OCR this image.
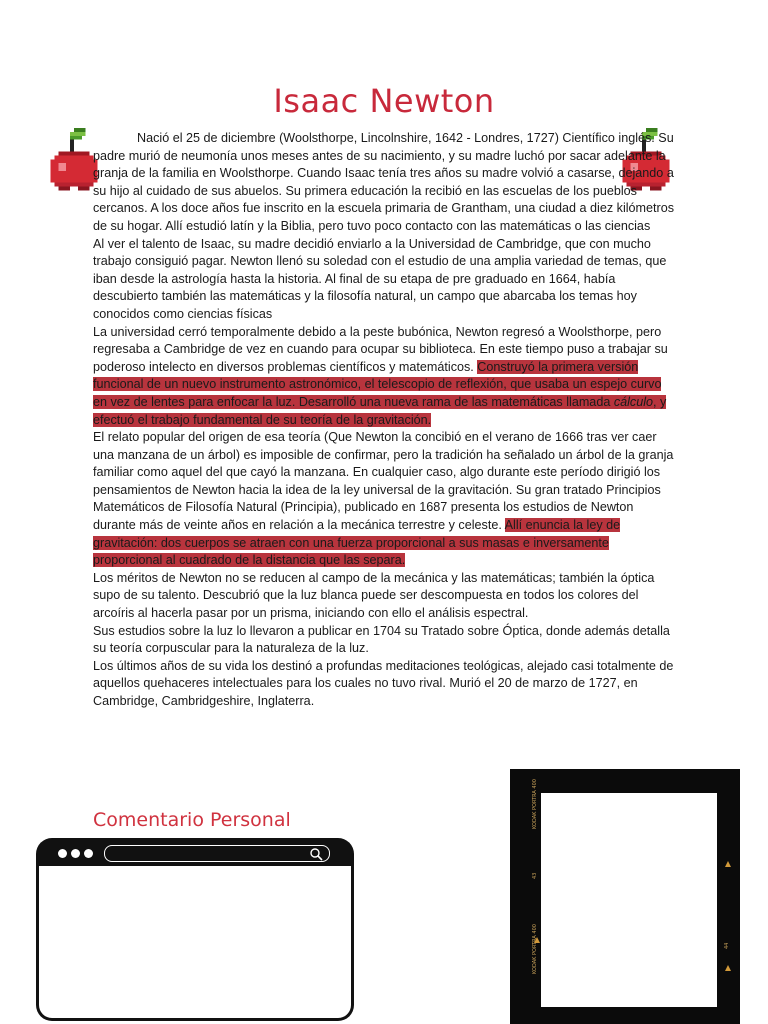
Isaac Newton

Nació el 25 de diciembre (Woolsthorpe, Lincolnshire, 1642 - Londres, 1727) Científico inglés. Su padre murió de neumonía unos meses antes de su nacimiento, y su madre luchó por sacar adelante la granja de la familia en Woolsthorpe. Cuando Isaac tenía tres años su madre volvió a casarse, dejando a su hijo al cuidado de sus abuelos. Su primera educación la recibió en las escuelas de los pueblos cercanos. A los doce años fue inscrito en la escuela primaria de Grantham, una ciudad a diez kilómetros de su hogar. Allí estudió latín y la Biblia, pero tuvo poco contacto con las matemáticas o las ciencias

Al ver el talento de Isaac, su madre decidió enviarlo a la Universidad de Cambridge, que con mucho trabajo consiguió pagar. Newton llenó su soledad con el estudio de una amplia variedad de temas, que iban desde la astrología hasta la historia. Al final de su etapa de pre graduado en 1664, había descubierto también las matemáticas y la filosofía natural, un campo que abarcaba los temas hoy conocidos como ciencias físicas

La universidad cerró temporalmente debido a la peste bubónica, Newton regresó a Woolsthorpe, pero regresaba a Cambridge de vez en cuando para ocupar su biblioteca. En este tiempo puso a trabajar su poderoso intelecto en diversos problemas científicos y matemáticos. Construyó la primera versión funcional de un nuevo instrumento astronómico, el telescopio de reflexión, que usaba un espejo curvo en vez de lentes para enfocar la luz. Desarrolló una nueva rama de las matemáticas llamada cálculo, y efectuó el trabajo fundamental de su teoría de la gravitación.

El relato popular del origen de esa teoría (Que Newton la concibió en el verano de 1666 tras ver caer una manzana de un árbol) es imposible de confirmar, pero la tradición ha señalado un árbol de la granja familiar como aquel del que cayó la manzana. En cualquier caso, algo durante este período dirigió los pensamientos de Newton hacia la idea de la ley universal de la gravitación. Su gran tratado Principios Matemáticos de Filosofía Natural (Principia), publicado en 1687 presenta los estudios de Newton durante más de veinte años en relación a la mecánica terrestre y celeste. Allí enuncia la ley de gravitación: dos cuerpos se atraen con una fuerza proporcional a sus masas e inversamente proporcional al cuadrado de la distancia que las separa.

Los méritos de Newton no se reducen al campo de la mecánica y las matemáticas; también la óptica supo de su talento. Descubrió que la luz blanca puede ser descompuesta en todos los colores del arcoíris al hacerla pasar por un prisma, iniciando con ello el análisis espectral.

Sus estudios sobre la luz lo llevaron a publicar en 1704 su Tratado sobre Óptica, donde además detalla su teoría corpuscular para la naturaleza de la luz.

Los últimos años de su vida los destinó a profundas meditaciones teológicas, alejado casi totalmente de aquellos quehaceres intelectuales para los cuales no tuvo rival. Murió el 20 de marzo de 1727, en Cambridge, Cambridgeshire, Inglaterra.

Comentario Personal	KODAK PORTRA 400
43
KODAK PORTRA 400	44
